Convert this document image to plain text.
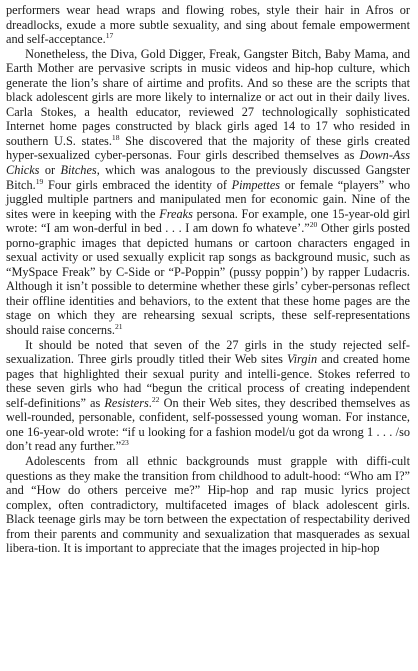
performers wear head wraps and flowing robes, style their hair in Afros or dreadlocks, exude a more subtle sexuality, and sing about female empowerment and self-acceptance.$^{17}$

Nonetheless, the Diva, Gold Digger, Freak, Gangster Bitch, Baby Mama, and Earth Mother are pervasive scripts in music videos and hip-hop culture, which generate the lion’s share of airtime and profits. And so these are the scripts that black adolescent girls are more likely to internalize or act out in their daily lives. Carla Stokes, a health educator, reviewed 27 technologically sophisticated Internet home pages constructed by black girls aged 14 to 17 who resided in southern U.S. states.$^{18}$ She discovered that the majority of these girls created hyper-sexualized cyber-personas. Four girls described themselves as Down-Ass Chicks or Bitches, which was analogous to the previously discussed Gangster Bitch.$^{19}$ Four girls embraced the identity of Pimpettes or female “players” who juggled multiple partners and manipulated men for economic gain. Nine of the sites were in keeping with the Freaks persona. For example, one 15-year-old girl wrote: “I am won-derful in bed . . . I am down fo whateve’.”$^{20}$ Other girls posted porno-graphic images that depicted humans or cartoon characters engaged in sexual activity or used sexually explicit rap songs as background music, such as “MySpace Freak” by C-Side or “P-Poppin” (pussy poppin’) by rapper Ludacris. Although it isn’t possible to determine whether these girls’ cyber-personas reflect their offline identities and behaviors, to the extent that these home pages are the stage on which they are rehearsing sexual scripts, these self-representations should raise concerns.$^{21}$

It should be noted that seven of the 27 girls in the study rejected self-sexualization. Three girls proudly titled their Web sites Virgin and created home pages that highlighted their sexual purity and intelli-gence. Stokes referred to these seven girls who had “begun the critical process of creating independent self-definitions” as Resisters.$^{22}$ On their Web sites, they described themselves as well-rounded, personable, confident, self-possessed young woman. For instance, one 16-year-old wrote: “if u looking for a fashion model/u got da wrong 1 . . . /so don’t read any further.”$^{23}$

Adolescents from all ethnic backgrounds must grapple with diffi-cult questions as they make the transition from childhood to adult-hood: “Who am I?” and “How do others perceive me?” Hip-hop and rap music lyrics project complex, often contradictory, multifaceted images of black adolescent girls. Black teenage girls may be torn between the expectation of respectability derived from their parents and community and sexualization that masquerades as sexual libera-tion. It is important to appreciate that the images projected in hip-hop
